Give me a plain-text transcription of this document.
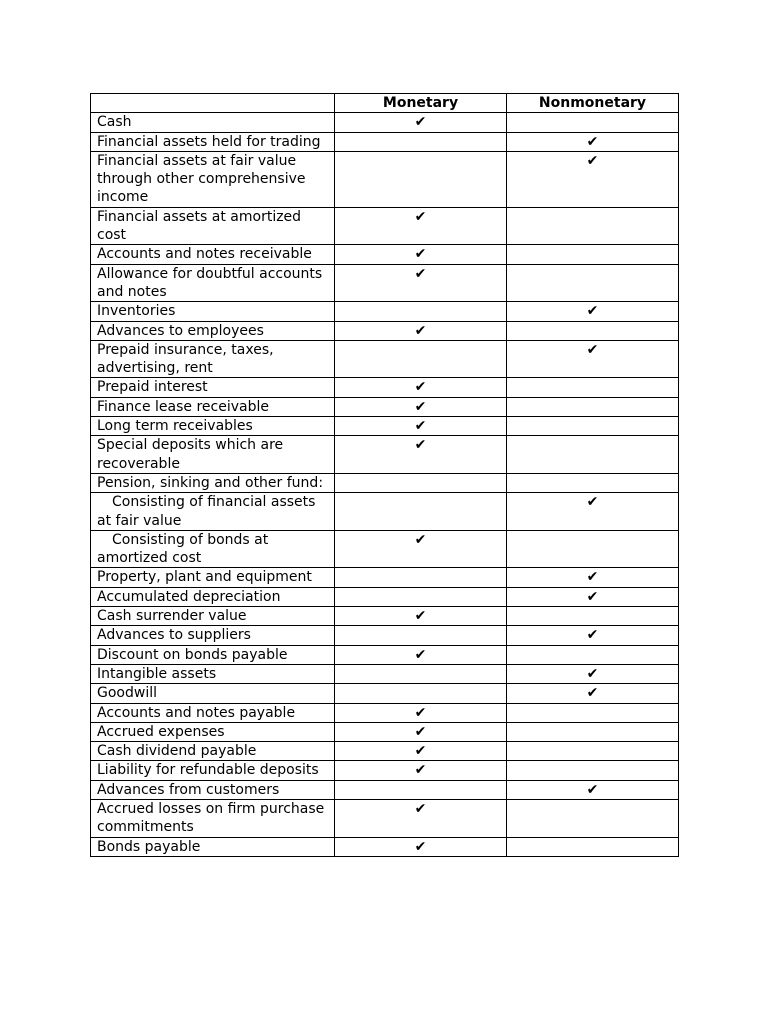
	Monetary	Nonmonetary
Cash	✔	
Financial assets held for trading		✔
Financial assets at fair value through other comprehensive income		✔
Financial assets at amortized cost	✔	
Accounts and notes receivable	✔	
Allowance for doubtful accounts and notes	✔	
Inventories		✔
Advances to employees	✔	
Prepaid insurance, taxes, advertising, rent		✔
Prepaid interest	✔	
Finance lease receivable	✔	
Long term receivables	✔	
Special deposits which are recoverable	✔	
Pension, sinking and other fund:		
Consisting of financial assets at fair value		✔
Consisting of bonds at amortized cost	✔	
Property, plant and equipment		✔
Accumulated depreciation		✔
Cash surrender value	✔	
Advances to suppliers		✔
Discount on bonds payable	✔	
Intangible assets		✔
Goodwill		✔
Accounts and notes payable	✔	
Accrued expenses	✔	
Cash dividend payable	✔	
Liability for refundable deposits	✔	
Advances from customers		✔
Accrued losses on firm purchase commitments	✔	
Bonds payable	✔	
